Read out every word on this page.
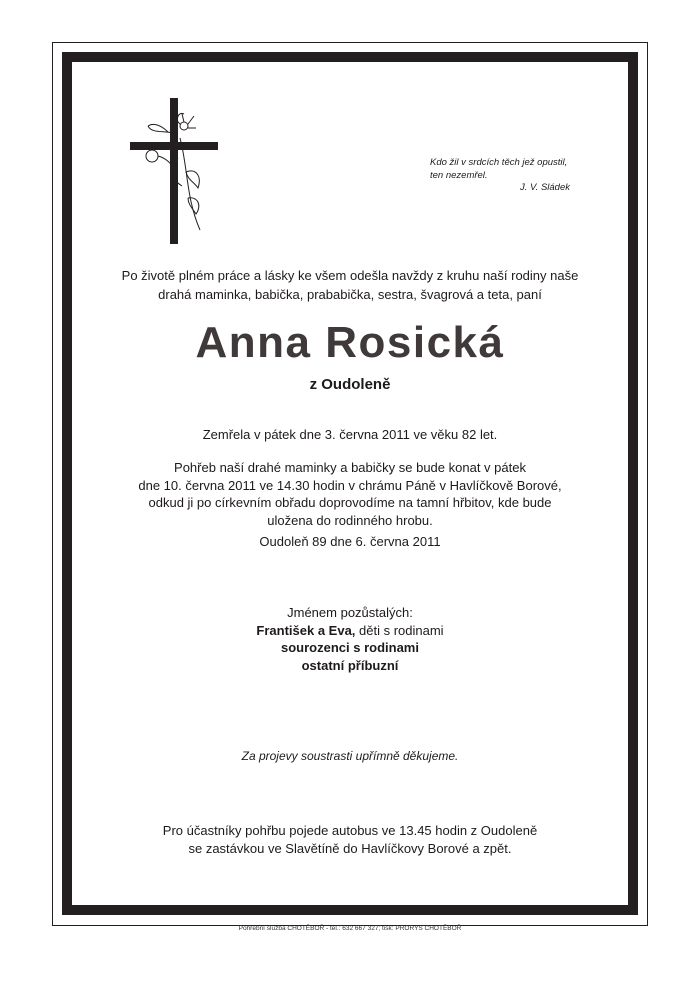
Kdo žil v srdcích těch jež opustil,
ten nezemřel.

J. V. Sládek
Po životě plném práce a lásky ke všem odešla navždy z kruhu naší rodiny naše
drahá maminka, babička, prababička, sestra, švagrová a teta, paní
Anna Rosická
z Oudoleně
Zemřela v pátek dne 3. června 2011 ve věku 82 let.
Pohřeb naší drahé maminky a babičky se bude konat v pátek
dne 10. června 2011 ve 14.30 hodin v chrámu Páně v Havlíčkově Borové,
odkud ji po církevním obřadu doprovodíme na tamní hřbitov, kde bude
uložena do rodinného hrobu.
Oudoleň 89 dne 6. června 2011
Jménem pozůstalých:
František a Eva, děti s rodinami
sourozenci s rodinami
ostatní příbuzní
Za projevy soustrasti upřímně děkujeme.
Pro účastníky pohřbu pojede autobus ve 13.45 hodin z Oudoleně
se zastávkou ve Slavětíně do Havlíčkovy Borové a zpět.
Pohřební služba CHOTĚBOŘ - tel.: 632 667 327; tisk: PRORYS CHOTĚBOŘ
